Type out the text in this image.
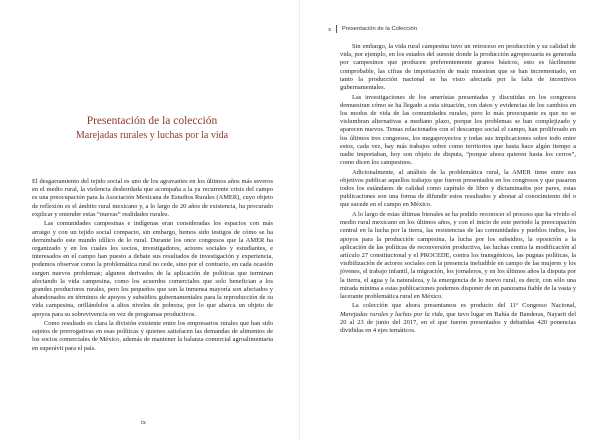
Presentación de la colección
Marejadas rurales y luchas por la vida

El desgarramiento del tejido social es uno de los agravantes en los últimos años más severos en el medio rural, la violencia desbordada que acompaña a la ya recurrente crisis del campo es una preocupación para la Asociación Mexicana de Estudios Rurales (AMER), cuyo objeto de reflexión es el ámbito rural mexicano y, a lo largo de 20 años de existencia, ha procurado explicar y entender estas “nuevas” realidades rurales.

Las comunidades campesinas e indígenas eran consideradas los espacios con más arraigo y con un tejido social compacto, sin embargo, hemos sido testigos de cómo se ha derrumbado este mundo idílico de lo rural. Durante los once congresos que la AMER ha organizado y en los cuales los socios, investigadores, actores sociales y estudiantes, e interesados en el campo han puesto a debate sus resultados de investigación y experiencia, podemos observar como la problemática rural no cede, sino por el contrario, en cada ocasión surgen nuevos problemas; algunos derivados de la aplicación de políticas que terminan afectando la vida campesina, como los acuerdos comerciales que solo benefician a los grandes productores rurales, pero los pequeños que son la inmensa mayoría son afectados y abandonados en términos de apoyos y subsidios gubernamentales para la reproducción de su vida campesina, orillándolos a altos niveles de pobreza, por lo que abarca un objeto de apoyos para su sobrevivencia en vez de programas productivos.

Como resultado es clara la división existente entre los empresarios rurales que han sido sujetos de prerrogativas en esas políticas y quienes satisfacen las demandas de alimentos de los socios comerciales de México, además de mantener la balanza comercial agroalimentaria en superávit para el país.

ix
x Presentación de la Colección

Sin embargo, la vida rural campesina tuvo un retroceso en producción y su calidad de vida, por ejemplo, en los estados del sureste donde la producción agropecuaria es generada por campesinos que producen preferentemente granos básicos, esto es fácilmente comprobable, las cifras de importación de maíz muestran que se han incrementado, en tanto la producción nacional se ha visto afectada por la falta de incentivos gubernamentales.

Las investigaciones de los amerístas presentadas y discutidas en los congresos demuestran cómo se ha llegado a esta situación, con datos y evidencias de los cambios en los modos de vida de las comunidades rurales, pero lo más preocupante es que no se vislumbran alternativas a mediano plazo, porque los problemas se han complejizado y aparecen nuevos. Temas relacionados con el descampo social el campo, han proliferado en los últimos tres congresos, los megaproyectos y todas sus implicaciones sobre todo entre estos, cada vez, hay más trabajos sobre como territorios que hasta hace algún tiempo a nadie importaban, hoy son objeto de disputa, “porque ahora quieren hasta los cerros”, como dicen los campesinos.

Adicionalmente, al análisis de la problemática rural, la AMER tiene entre sus objetivos publicar aquellos trabajos que fueron presentados en los congresos y que pasaron todos los estándares de calidad como capítulo de libro y dictaminados por pares, estas publicaciones son una forma de difundir estos resultados y abonar al conocimiento del o que sucede en el campo en México.

A lo largo de estas últimas bienales se ha podido reconocer el proceso que ha vivido el medio rural mexicano en los últimos años, y con el inicio de este periodo la preocupación central en la lucha por la tierra, las resistencias de las comunidades y pueblos indios, los apoyos para la producción campesina, la lucha por los subsidios, la oposición a la aplicación de las políticas de reconversión productiva, las luchas contra la modificación al artículo 27 constitucional y el PROCEDE, contra los transgénicos, las pugnas políticas, la visibilización de actores sociales con la presencia ineludible en campo de las mujeres y los jóvenes, el trabajo infantil, la migración, los jornaleros, y en los últimos años la disputa por la tierra, el agua y la naturaleza, y la emergencia de lo nuevo rural, es decir, con sólo una mirada mínima a estas publicaciones podemos disponer de un panorama fiable de la vasta y lacerante problemática rural en México.

La colección que ahora presentamos es producto del 11º Congreso Nacional, Marejadas rurales y luchas por la vida, que tuvo lugar en Bahía de Banderas, Nayarit del 20 al 23 de junio del 2017, en el que fueron presentados y debatidas 420 ponencias divididas en 4 ejes temáticos.
